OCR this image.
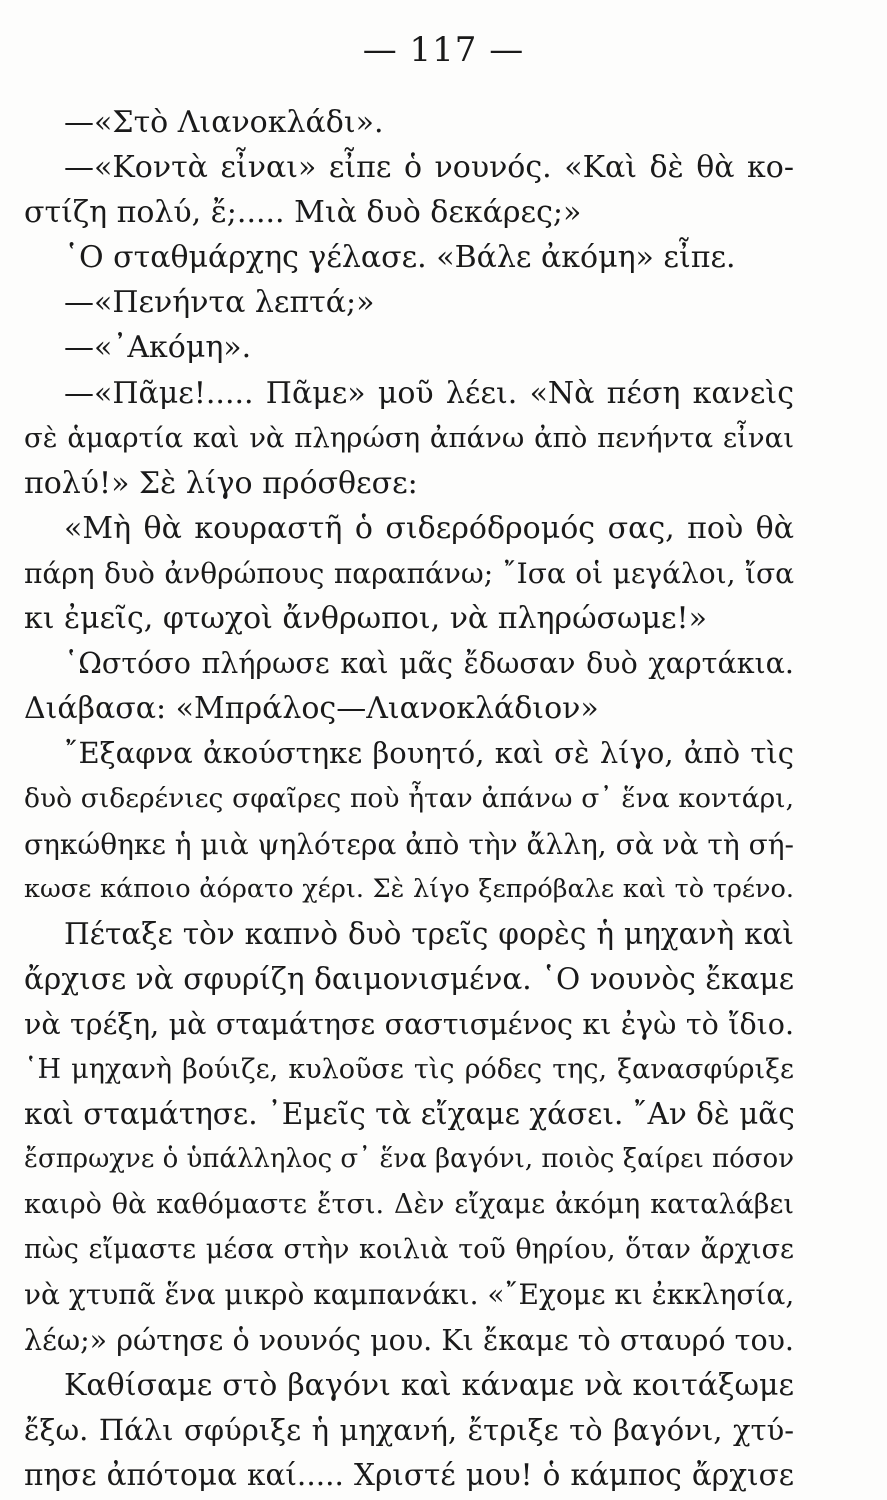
— 117 —
—«Στὸ Λιανοκλάδι».
—«Κοντὰ εἶναι» εἶπε ὁ νουνός. «Καὶ δὲ θὰ κο-
στίζη πολύ, ἔ;..... Μιὰ δυὸ δεκάρες;»
῾Ο σταθμάρχης γέλασε. «Βάλε ἀκόμη» εἶπε.
—«Πενήντα λεπτά;»
—«᾿Ακόμη».
—«Πᾶμε!..... Πᾶμε» μοῦ λέει. «Νὰ πέση κανεὶς
σὲ ἁμαρτία καὶ νὰ πληρώση ἀπάνω ἀπὸ πενήντα εἶναι
πολύ!» Σὲ λίγο πρόσθεσε:
«Μὴ θὰ κουραστῆ ὁ σιδερόδρομός σας, ποὺ θὰ
πάρη δυὸ ἀνθρώπους παραπάνω; ῎Ισα οἱ μεγάλοι, ἴσα
κι ἐμεῖς, φτωχοὶ ἄνθρωποι, νὰ πληρώσωμε!»
῾Ωστόσο πλήρωσε καὶ μᾶς ἔδωσαν δυὸ χαρτάκια.
Διάβασα: «Μπράλος—Λιανοκλάδιον»
῎Εξαφνα ἀκούστηκε βουητό, καὶ σὲ λίγο, ἀπὸ τὶς
δυὸ σιδερένιες σφαῖρες ποὺ ἦταν ἀπάνω σ᾿ ἕνα κοντάρι,
σηκώθηκε ἡ μιὰ ψηλότερα ἀπὸ τὴν ἄλλη, σὰ νὰ τὴ σή-
κωσε κάποιο ἀόρατο χέρι. Σὲ λίγο ξεπρόβαλε καὶ τὸ τρένο.
Πέταξε τὸν καπνὸ δυὸ τρεῖς φορὲς ἡ μηχανὴ καὶ
ἄρχισε νὰ σφυρίζη δαιμονισμένα. ῾Ο νουνὸς ἔκαμε
νὰ τρέξη, μὰ σταμάτησε σαστισμένος κι ἐγὼ τὸ ἴδιο.
῾Η μηχανὴ βούιζε, κυλοῦσε τὶς ρόδες της, ξανασφύριξε
καὶ σταμάτησε. ᾿Εμεῖς τὰ εἴχαμε χάσει. ῎Αν δὲ μᾶς
ἔσπρωχνε ὁ ὑπάλληλος σ᾿ ἕνα βαγόνι, ποιὸς ξαίρει πόσον
καιρὸ θὰ καθόμαστε ἔτσι. Δὲν εἴχαμε ἀκόμη καταλάβει
πὼς εἴμαστε μέσα στὴν κοιλιὰ τοῦ θηρίου, ὅταν ἄρχισε
νὰ χτυπᾶ ἕνα μικρὸ καμπανάκι. «῎Εχομε κι ἐκκλησία,
λέω;» ρώτησε ὁ νουνός μου. Κι ἔκαμε τὸ σταυρό του.
Καθίσαμε στὸ βαγόνι καὶ κάναμε νὰ κοιτάξωμε
ἔξω. Πάλι σφύριξε ἡ μηχανή, ἔτριξε τὸ βαγόνι, χτύ-
πησε ἀπότομα καί..... Χριστέ μου! ὁ κάμπος ἄρχισε
